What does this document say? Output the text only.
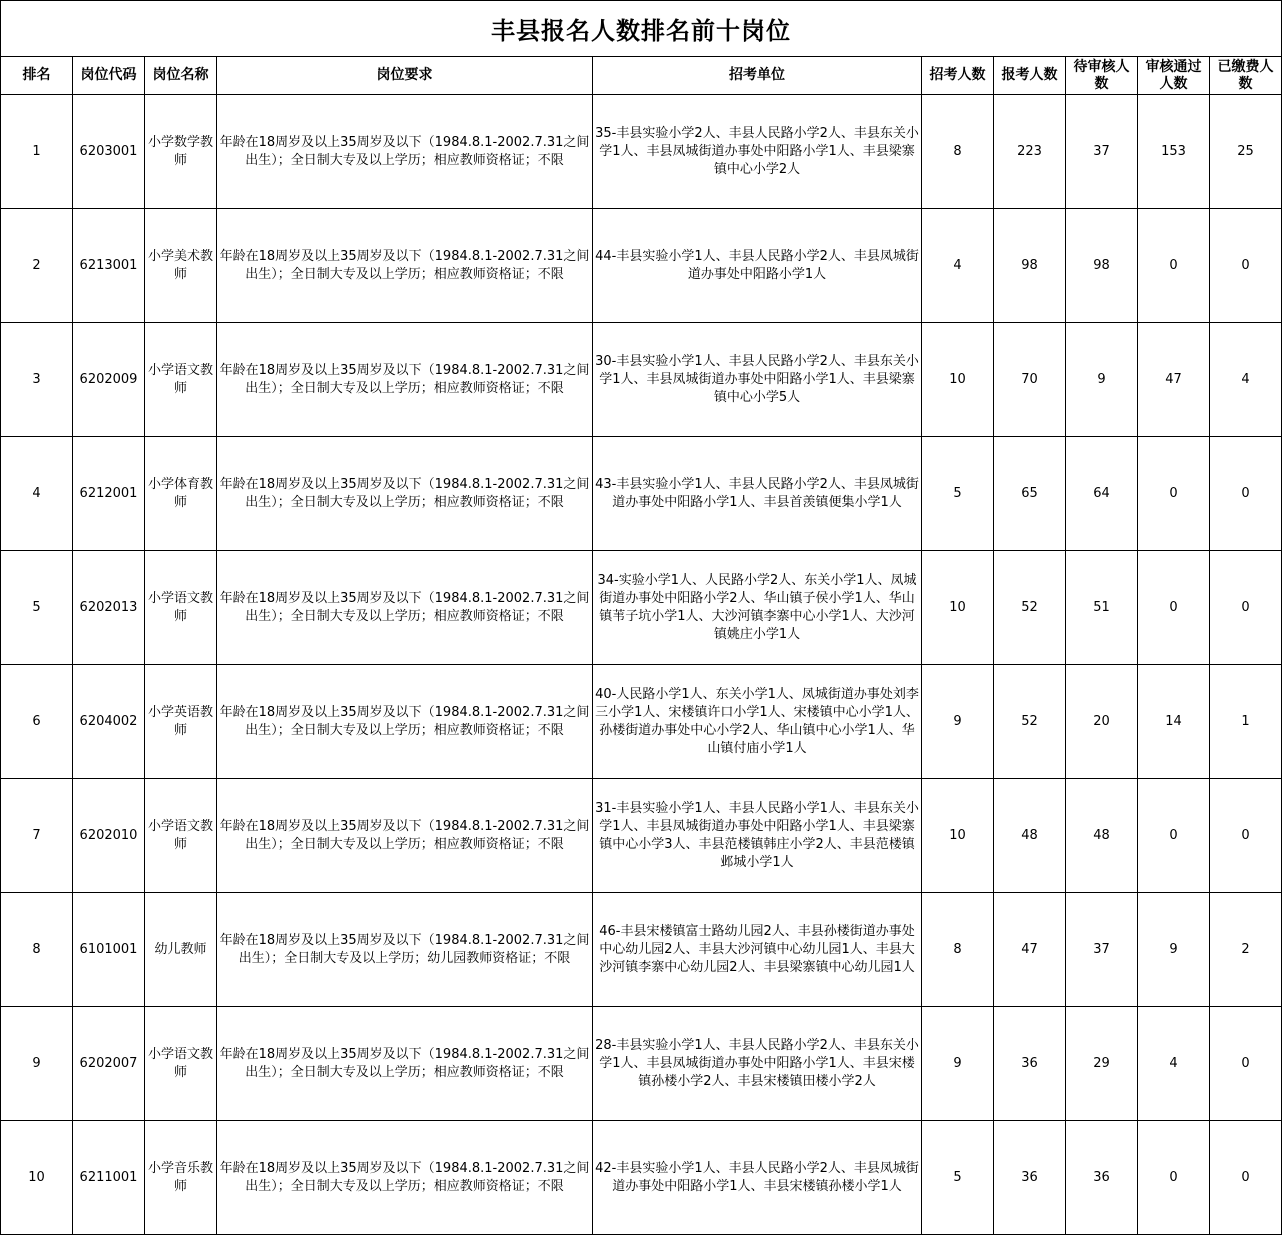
丰县报名人数排名前十岗位									
排名	岗位代码	岗位名称	岗位要求	招考单位	招考人数	报考人数	待审核人数	审核通过人数	已缴费人数
1	6203001	小学数学教师	年龄在18周岁及以上35周岁及以下（1984.8.1-2002.7.31之间出生）；全日制大专及以上学历；相应教师资格证；不限	35-丰县实验小学2人、丰县人民路小学2人、丰县东关小学1人、丰县凤城街道办事处中阳路小学1人、丰县梁寨镇中心小学2人	8	223	37	153	25
2	6213001	小学美术教师	年龄在18周岁及以上35周岁及以下（1984.8.1-2002.7.31之间出生）；全日制大专及以上学历；相应教师资格证；不限	44-丰县实验小学1人、丰县人民路小学2人、丰县凤城街道办事处中阳路小学1人	4	98	98	0	0
3	6202009	小学语文教师	年龄在18周岁及以上35周岁及以下（1984.8.1-2002.7.31之间出生）；全日制大专及以上学历；相应教师资格证；不限	30-丰县实验小学1人、丰县人民路小学2人、丰县东关小学1人、丰县凤城街道办事处中阳路小学1人、丰县梁寨镇中心小学5人	10	70	9	47	4
4	6212001	小学体育教师	年龄在18周岁及以上35周岁及以下（1984.8.1-2002.7.31之间出生）；全日制大专及以上学历；相应教师资格证；不限	43-丰县实验小学1人、丰县人民路小学2人、丰县凤城街道办事处中阳路小学1人、丰县首羡镇便集小学1人	5	65	64	0	0
5	6202013	小学语文教师	年龄在18周岁及以上35周岁及以下（1984.8.1-2002.7.31之间出生）；全日制大专及以上学历；相应教师资格证；不限	34-实验小学1人、人民路小学2人、东关小学1人、凤城街道办事处中阳路小学2人、华山镇子侯小学1人、华山镇苇子坑小学1人、大沙河镇李寨中心小学1人、大沙河镇姚庄小学1人	10	52	51	0	0
6	6204002	小学英语教师	年龄在18周岁及以上35周岁及以下（1984.8.1-2002.7.31之间出生）；全日制大专及以上学历；相应教师资格证；不限	40-人民路小学1人、东关小学1人、凤城街道办事处刘李三小学1人、宋楼镇许口小学1人、宋楼镇中心小学1人、孙楼街道办事处中心小学2人、华山镇中心小学1人、华山镇付庙小学1人	9	52	20	14	1
7	6202010	小学语文教师	年龄在18周岁及以上35周岁及以下（1984.8.1-2002.7.31之间出生）；全日制大专及以上学历；相应教师资格证；不限	31-丰县实验小学1人、丰县人民路小学1人、丰县东关小学1人、丰县凤城街道办事处中阳路小学1人、丰县梁寨镇中心小学3人、丰县范楼镇韩庄小学2人、丰县范楼镇邺城小学1人	10	48	48	0	0
8	6101001	幼儿教师	年龄在18周岁及以上35周岁及以下（1984.8.1-2002.7.31之间出生）；全日制大专及以上学历；幼儿园教师资格证；不限	46-丰县宋楼镇富士路幼儿园2人、丰县孙楼街道办事处中心幼儿园2人、丰县大沙河镇中心幼儿园1人、丰县大沙河镇李寨中心幼儿园2人、丰县梁寨镇中心幼儿园1人	8	47	37	9	2
9	6202007	小学语文教师	年龄在18周岁及以上35周岁及以下（1984.8.1-2002.7.31之间出生）；全日制大专及以上学历；相应教师资格证；不限	28-丰县实验小学1人、丰县人民路小学2人、丰县东关小学1人、丰县凤城街道办事处中阳路小学1人、丰县宋楼镇孙楼小学2人、丰县宋楼镇田楼小学2人	9	36	29	4	0
10	6211001	小学音乐教师	年龄在18周岁及以上35周岁及以下（1984.8.1-2002.7.31之间出生）；全日制大专及以上学历；相应教师资格证；不限	42-丰县实验小学1人、丰县人民路小学2人、丰县凤城街道办事处中阳路小学1人、丰县宋楼镇孙楼小学1人	5	36	36	0	0
